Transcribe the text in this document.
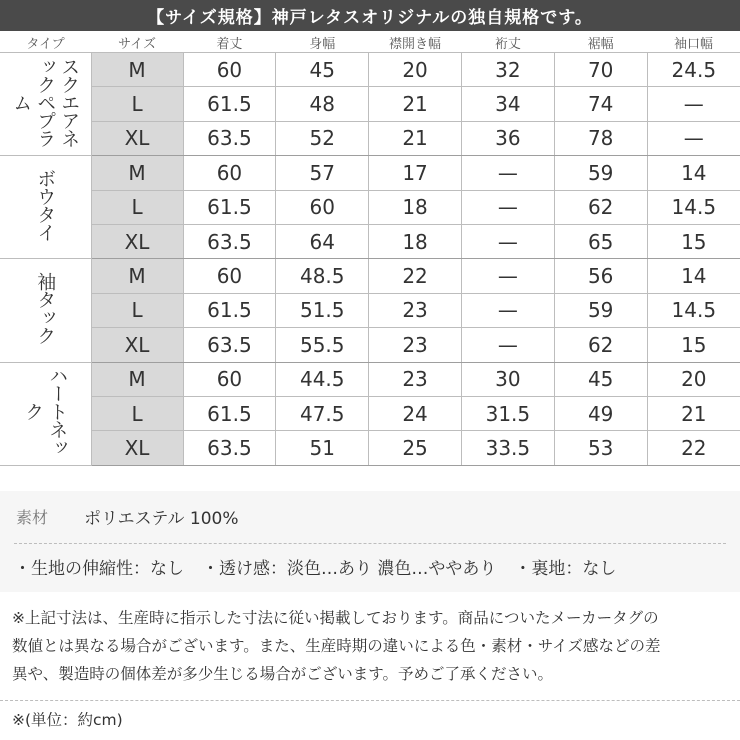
【サイズ規格】神戸レタスオリジナルの独自規格です。
タイプ	サイズ	着丈	身幅	襟開き幅	裄丈	裾幅	袖口幅
スクエアネックペプラム	M	60	45	20	32	70	24.5
	L	61.5	48	21	34	74	—
	XL	63.5	52	21	36	78	—
ボウタイ	M	60	57	17	—	59	14
	L	61.5	60	18	—	62	14.5
	XL	63.5	64	18	—	65	15
袖タック	M	60	48.5	22	—	56	14
	L	61.5	51.5	23	—	59	14.5
	XL	63.5	55.5	23	—	62	15
ハートネック	M	60	44.5	23	30	45	20
	L	61.5	47.5	24	31.5	49	21
	XL	63.5	51	25	33.5	53	22
素材	ポリエステル 100%
・生地の伸縮性：なし ・透け感：淡色…あり 濃色…ややあり ・裏地：なし
※上記寸法は、生産時に指示した寸法に従い掲載しております。商品についたメーカータグの
数値とは異なる場合がございます。また、生産時期の違いによる色・素材・サイズ感などの差
異や、製造時の個体差が多少生じる場合がございます。予めご了承ください。
※(単位：約cm)
